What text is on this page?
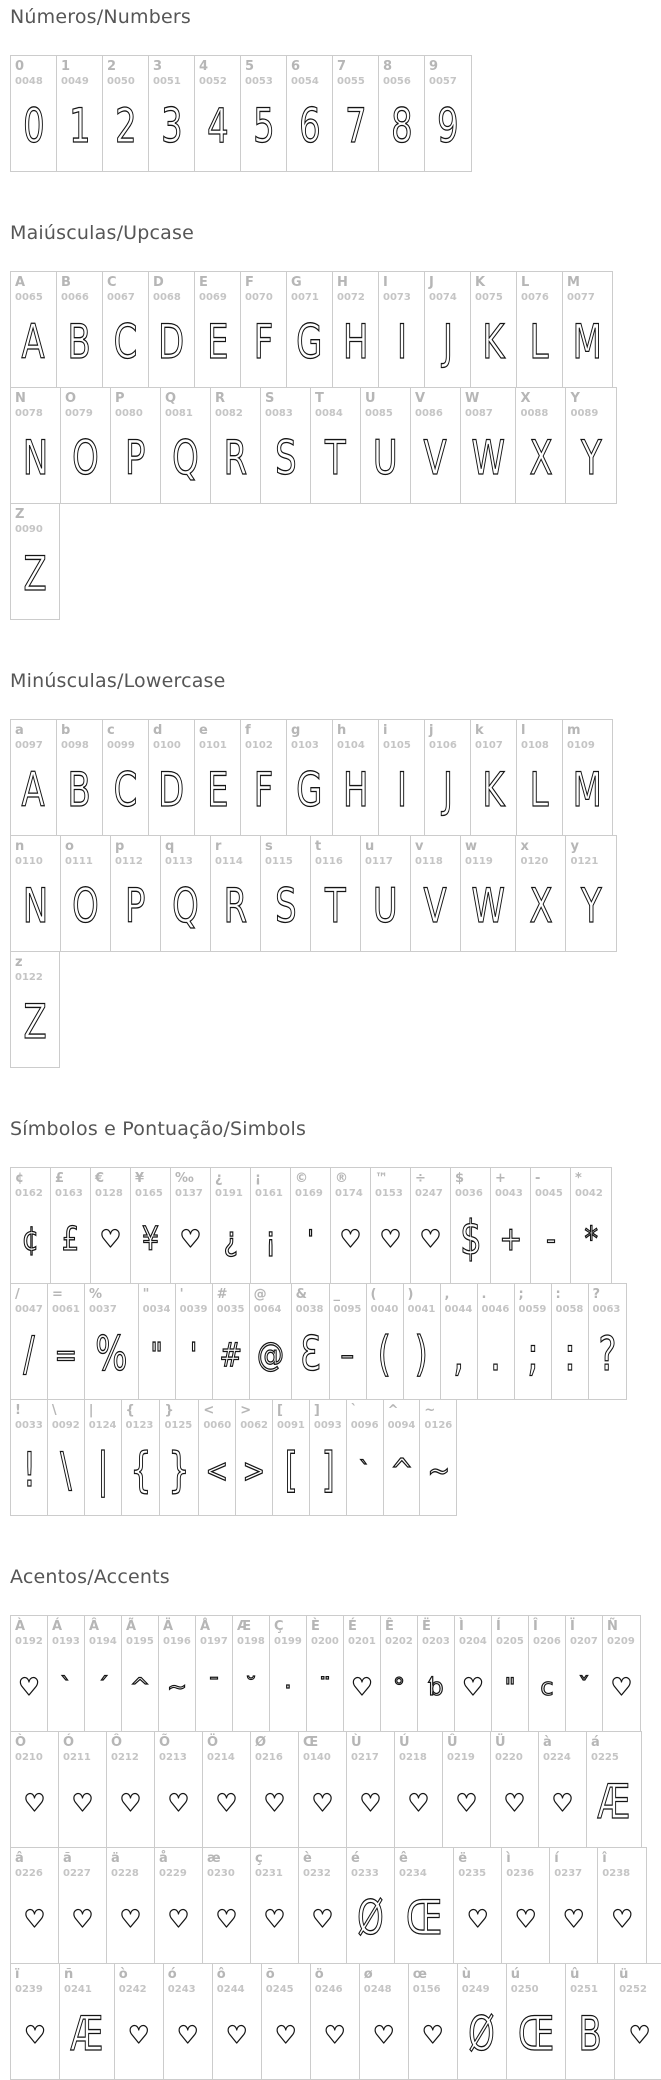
Números/Numbers
0
0048
0
1
0049
1
2
0050
2
3
0051
3
4
0052
4
5
0053
5
6
0054
6
7
0055
7
8
0056
8
9
0057
9
Maiúsculas/Upcase
A
0065
A
B
0066
B
C
0067
C
D
0068
D
E
0069
E
F
0070
F
G
0071
G
H
0072
H
I
0073
I
J
0074
J
K
0075
K
L
0076
L
M
0077
M
N
0078
N
O
0079
O
P
0080
P
Q
0081
Q
R
0082
R
S
0083
S
T
0084
T
U
0085
U
V
0086
V
W
0087
W
X
0088
X
Y
0089
Y
Z
0090
Z
Minúsculas/Lowercase
a
0097
A
b
0098
B
c
0099
C
d
0100
D
e
0101
E
f
0102
F
g
0103
G
h
0104
H
i
0105
I
j
0106
J
k
0107
K
l
0108
L
m
0109
M
n
0110
N
o
0111
O
p
0112
P
q
0113
Q
r
0114
R
s
0115
S
t
0116
T
u
0117
U
v
0118
V
w
0119
W
x
0120
X
y
0121
Y
z
0122
Z
Símbolos e Pontuação/Simbols
¢
0162
¢
£
0163
£
€
0128
♥
¥
0165
¥
‰
0137
♥
¿
0191
¿
¡
0161
¡
©
0169
'
®
0174
♥
™
0153
♥
÷
0247
♥
$
0036
$
+
0043
+
-
0045
-
*
0042
*
/
0047
/
=
0061
=
%
0037
%
"
0034
"
'
0039
'
#
0035
#
@
0064
@
&
0038
Ɛ
_
0095
–
(
0040
(
)
0041
)
,
0044
,
.
0046
.
;
0059
;
:
0058
:
?
0063
?
!
0033
!
\
0092
\
|
0124
|
{
0123
{
}
0125
}
<
0060
<
>
0062
>
[
0091
[
]
0093
]
`
0096
`
^
0094
^
~
0126
~
Acentos/Accents
À
0192
♥
Á
0193
`
Â
0194
´
Ã
0195
^
Ä
0196
~
Å
0197
¯
Æ
0198
˘
Ç
0199
·
È
0200
¨
É
0201
♥
Ê
0202
°
Ë
0203
ƅ
Ì
0204
♥
Í
0205
"
Î
0206
c
Ï
0207
ˇ
Ñ
0209
♥
Ò
0210
♥
Ó
0211
♥
Ô
0212
♥
Õ
0213
♥
Ö
0214
♥
Ø
0216
♥
Œ
0140
♥
Ù
0217
♥
Ú
0218
♥
Û
0219
♥
Ü
0220
♥
à
0224
♥
á
0225
Æ
â
0226
♥
ã
0227
♥
ä
0228
♥
å
0229
♥
æ
0230
♥
ç
0231
♥
è
0232
♥
é
0233
Ø
ê
0234
Œ
ë
0235
♥
ì
0236
♥
í
0237
♥
î
0238
♥
ï
0239
♥
ñ
0241
Æ
ò
0242
♥
ó
0243
♥
ô
0244
♥
õ
0245
♥
ö
0246
♥
ø
0248
♥
œ
0156
♥
ù
0249
Ø
ú
0250
Œ
û
0251
B
ü
0252
♥
